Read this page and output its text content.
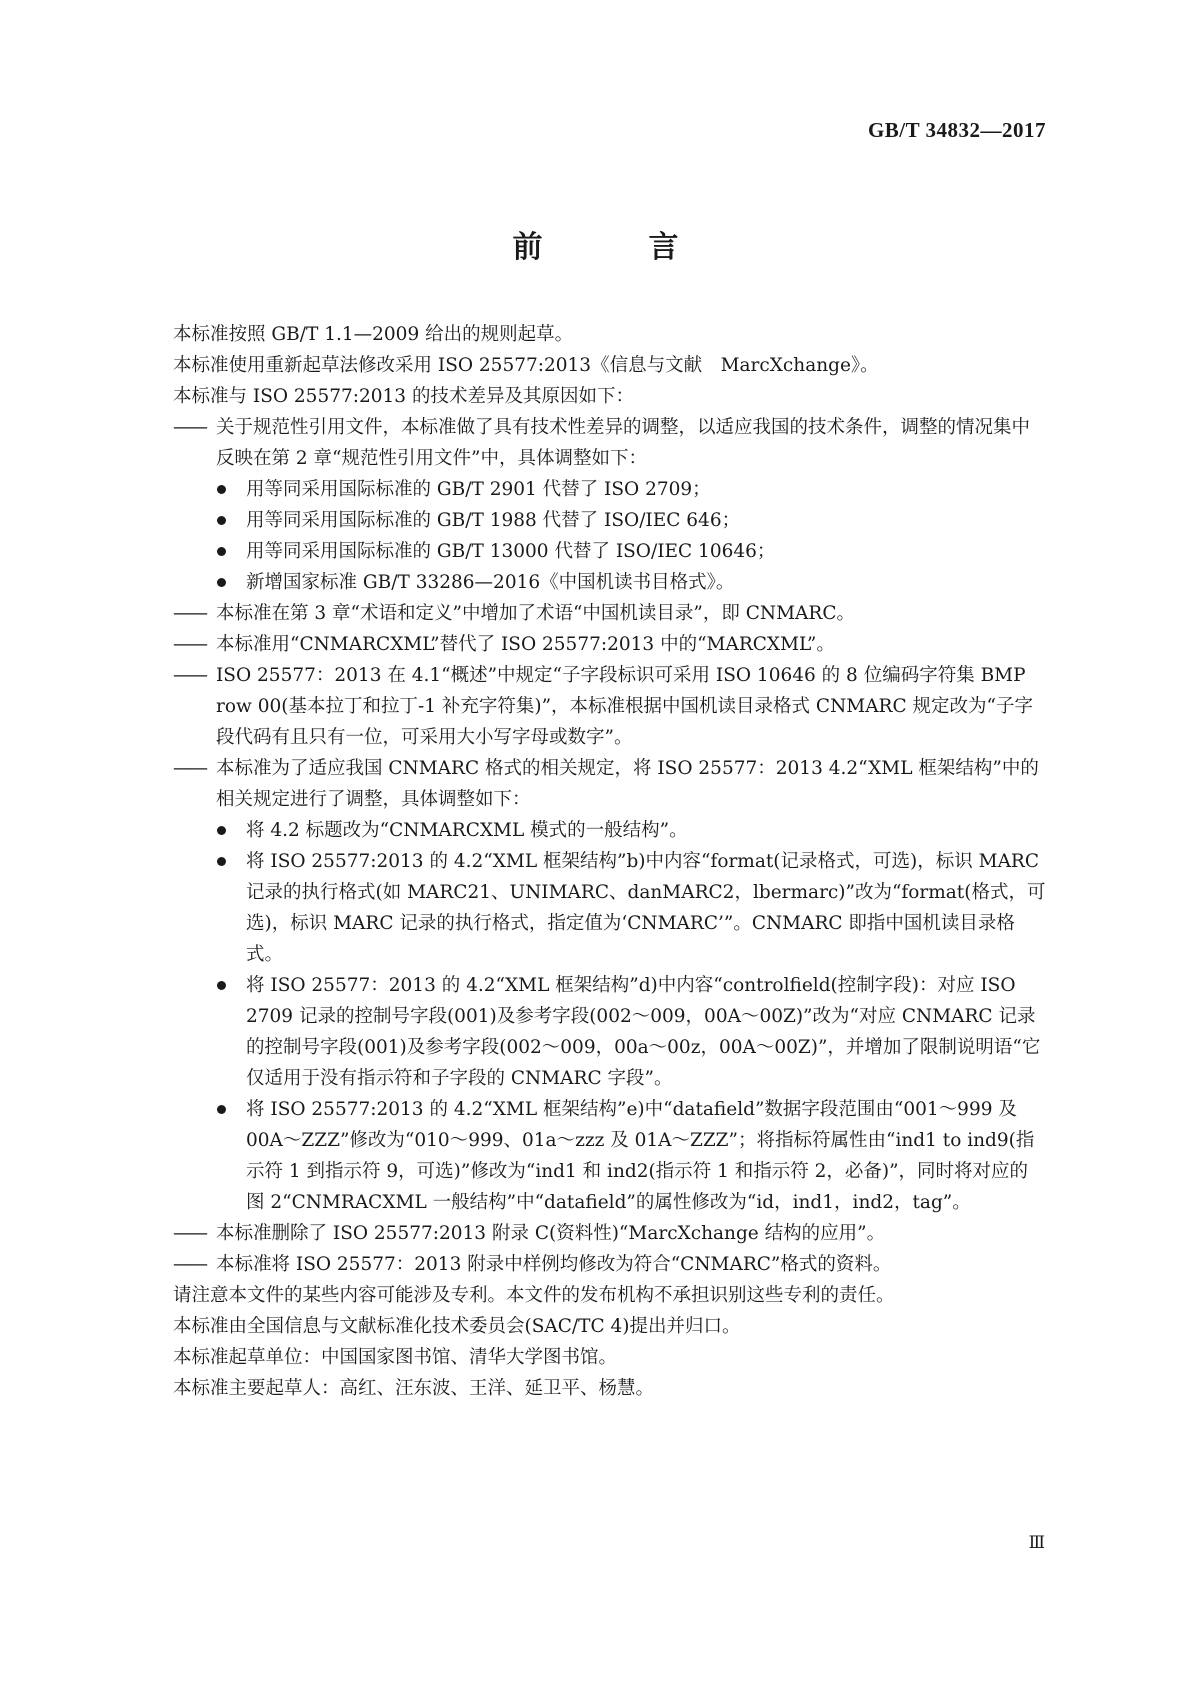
GB/T 34832—2017
前　言

本标准按照 GB/T 1.1—2009 给出的规则起草。

本标准使用重新起草法修改采用 ISO 25577:2013《信息与文献　MarcXchange》。

本标准与 ISO 25577:2013 的技术差异及其原因如下：

—— 关于规范性引用文件，本标准做了具有技术性差异的调整，以适应我国的技术条件，调整的情况集中反映在第 2 章“规范性引用文件”中，具体调整如下：
用等同采用国际标准的 GB/T 2901 代替了 ISO 2709；
用等同采用国际标准的 GB/T 1988 代替了 ISO/IEC 646；
用等同采用国际标准的 GB/T 13000 代替了 ISO/IEC 10646；
新增国家标准 GB/T 33286—2016《中国机读书目格式》。
—— 本标准在第 3 章“术语和定义”中增加了术语“中国机读目录”，即 CNMARC。
—— 本标准用“CNMARCXML”替代了 ISO 25577:2013 中的“MARCXML”。
—— ISO 25577：2013 在 4.1“概述”中规定“子字段标识可采用 ISO 10646 的 8 位编码字符集 BMP row 00(基本拉丁和拉丁-1 补充字符集)”，本标准根据中国机读目录格式 CNMARC 规定改为“子字段代码有且只有一位，可采用大小写字母或数字”。
—— 本标准为了适应我国 CNMARC 格式的相关规定，将 ISO 25577：2013 4.2“XML 框架结构”中的相关规定进行了调整，具体调整如下：
将 4.2 标题改为“CNMARCXML 模式的一般结构”。
将 ISO 25577:2013 的 4.2“XML 框架结构”b)中内容“format(记录格式，可选)，标识 MARC 记录的执行格式(如 MARC21、UNIMARC、danMARC2，lbermarc)”改为“format(格式，可选)，标识 MARC 记录的执行格式，指定值为‘CNMARC’”。CNMARC 即指中国机读目录格式。
将 ISO 25577：2013 的 4.2“XML 框架结构”d)中内容“controlfield(控制字段)：对应 ISO 2709 记录的控制号字段(001)及参考字段(002～009，00A～00Z)”改为“对应 CNMARC 记录的控制号字段(001)及参考字段(002～009，00a～00z，00A～00Z)”，并增加了限制说明语“它仅适用于没有指示符和子字段的 CNMARC 字段”。
将 ISO 25577:2013 的 4.2“XML 框架结构”e)中“datafield”数据字段范围由“001～999 及 00A～ZZZ”修改为“010～999、01a～zzz 及 01A～ZZZ”；将指标符属性由“ind1 to ind9(指示符 1 到指示符 9，可选)”修改为“ind1 和 ind2(指示符 1 和指示符 2，必备)”，同时将对应的图 2“CNMRACXML 一般结构”中“datafield”的属性修改为“id，ind1，ind2，tag”。
—— 本标准删除了 ISO 25577:2013 附录 C(资料性)“MarcXchange 结构的应用”。
—— 本标准将 ISO 25577：2013 附录中样例均修改为符合“CNMARC”格式的资料。

请注意本文件的某些内容可能涉及专利。本文件的发布机构不承担识别这些专利的责任。

本标准由全国信息与文献标准化技术委员会(SAC/TC 4)提出并归口。

本标准起草单位：中国国家图书馆、清华大学图书馆。

本标准主要起草人：高红、汪东波、王洋、延卫平、杨慧。

Ⅲ
